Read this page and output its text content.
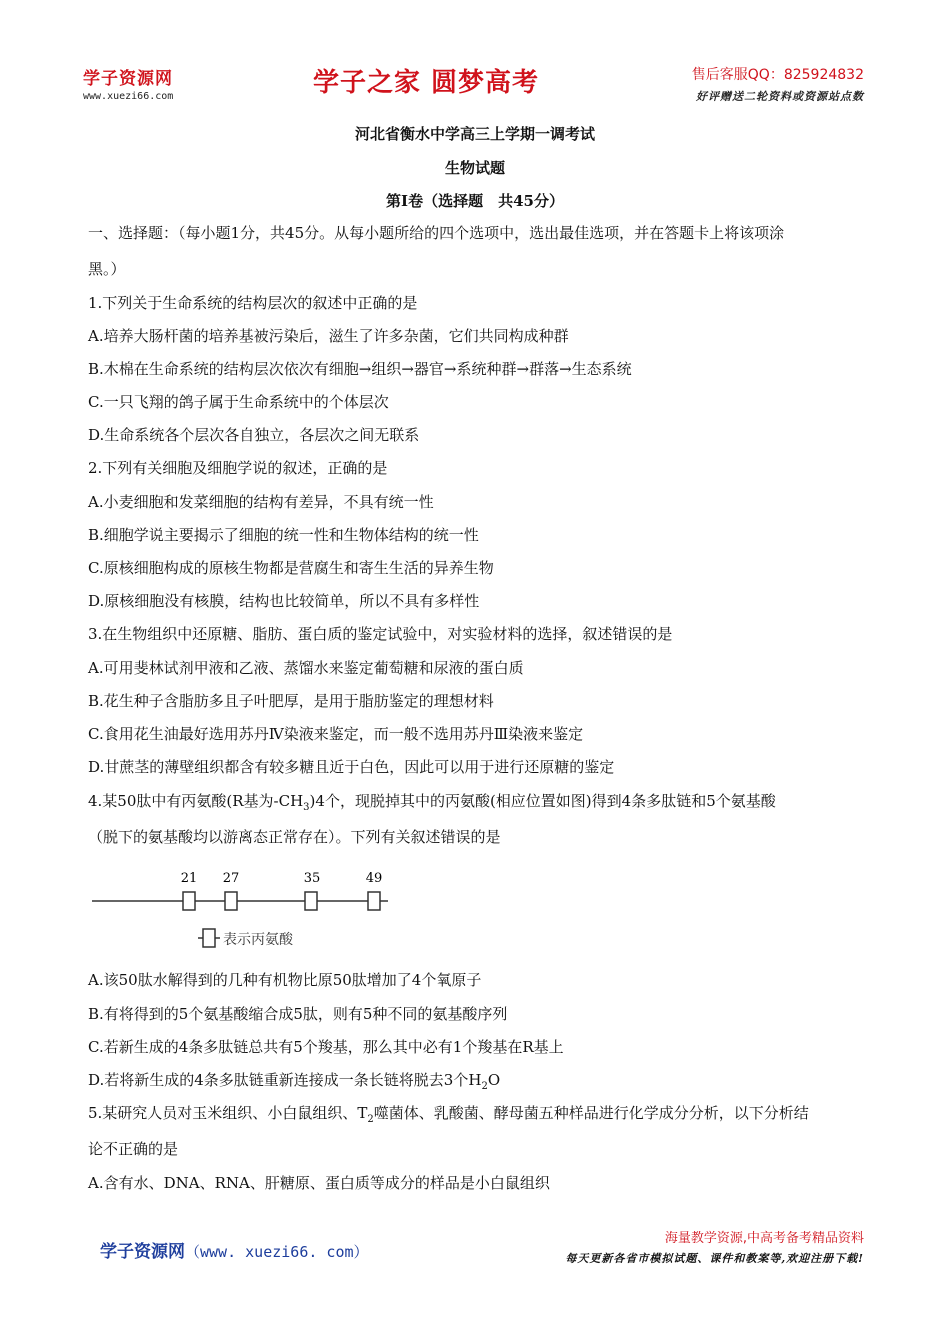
学子资源网
www.xuezi66.com	学子之家 圆梦高考	售后客服QQ：825924832
好评赠送二轮资料或资源站点数
河北省衡水中学高三上学期一调考试
生物试题
第Ⅰ卷（选择题　共45分）
一、选择题：（每小题1分，共45分。从每小题所给的四个选项中，选出最佳选项，并在答题卡上将该项涂
黑。）
1.下列关于生命系统的结构层次的叙述中正确的是
A.培养大肠杆菌的培养基被污染后，滋生了许多杂菌，它们共同构成种群
B.木棉在生命系统的结构层次依次有细胞→组织→器官→系统种群→群落→生态系统
C.一只飞翔的鸽子属于生命系统中的个体层次
D.生命系统各个层次各自独立，各层次之间无联系
2.下列有关细胞及细胞学说的叙述，正确的是
A.小麦细胞和发菜细胞的结构有差异，不具有统一性
B.细胞学说主要揭示了细胞的统一性和生物体结构的统一性
C.原核细胞构成的原核生物都是营腐生和寄生生活的异养生物
D.原核细胞没有核膜，结构也比较简单，所以不具有多样性
3.在生物组织中还原糖、脂肪、蛋白质的鉴定试验中，对实验材料的选择，叙述错误的是
A.可用斐林试剂甲液和乙液、蒸馏水来鉴定葡萄糖和尿液的蛋白质
B.花生种子含脂肪多且子叶肥厚，是用于脂肪鉴定的理想材料
C.食用花生油最好选用苏丹Ⅳ染液来鉴定，而一般不选用苏丹Ⅲ染液来鉴定
D.甘蔗茎的薄壁组织都含有较多糖且近于白色，因此可以用于进行还原糖的鉴定
4.某50肽中有丙氨酸(R基为$-CH_3)4$个，现脱掉其中的丙氨酸(相应位置如图)得到4条多肽链和5个氨基酸
（脱下的氨基酸均以游离态正常存在）。下列有关叙述错误的是
21 27	35	49
表示丙氨酸
A.该50肽水解得到的几种有机物比原50肽增加了4个氧原子
B.有将得到的5个氨基酸缩合成5肽，则有5种不同的氨基酸序列
C.若新生成的4条多肽链总共有5个羧基，那么其中必有1个羧基在R基上
D.若将新生成的4条多肽链重新连接成一条长链将脱去3个$H_2O$
5.某研究人员对玉米组织、小白鼠组织、$T_2$噬菌体、乳酸菌、酵母菌五种样品进行化学成分分析，以下分析结
论不正确的是
A.含有水、DNA、RNA、肝糖原、蛋白质等成分的样品是小白鼠组织
学子资源网（www. xuezi66. com）
海量教学资源,中高考备考精品资料
每天更新各省市模拟试题、课件和教案等,欢迎注册下载!
